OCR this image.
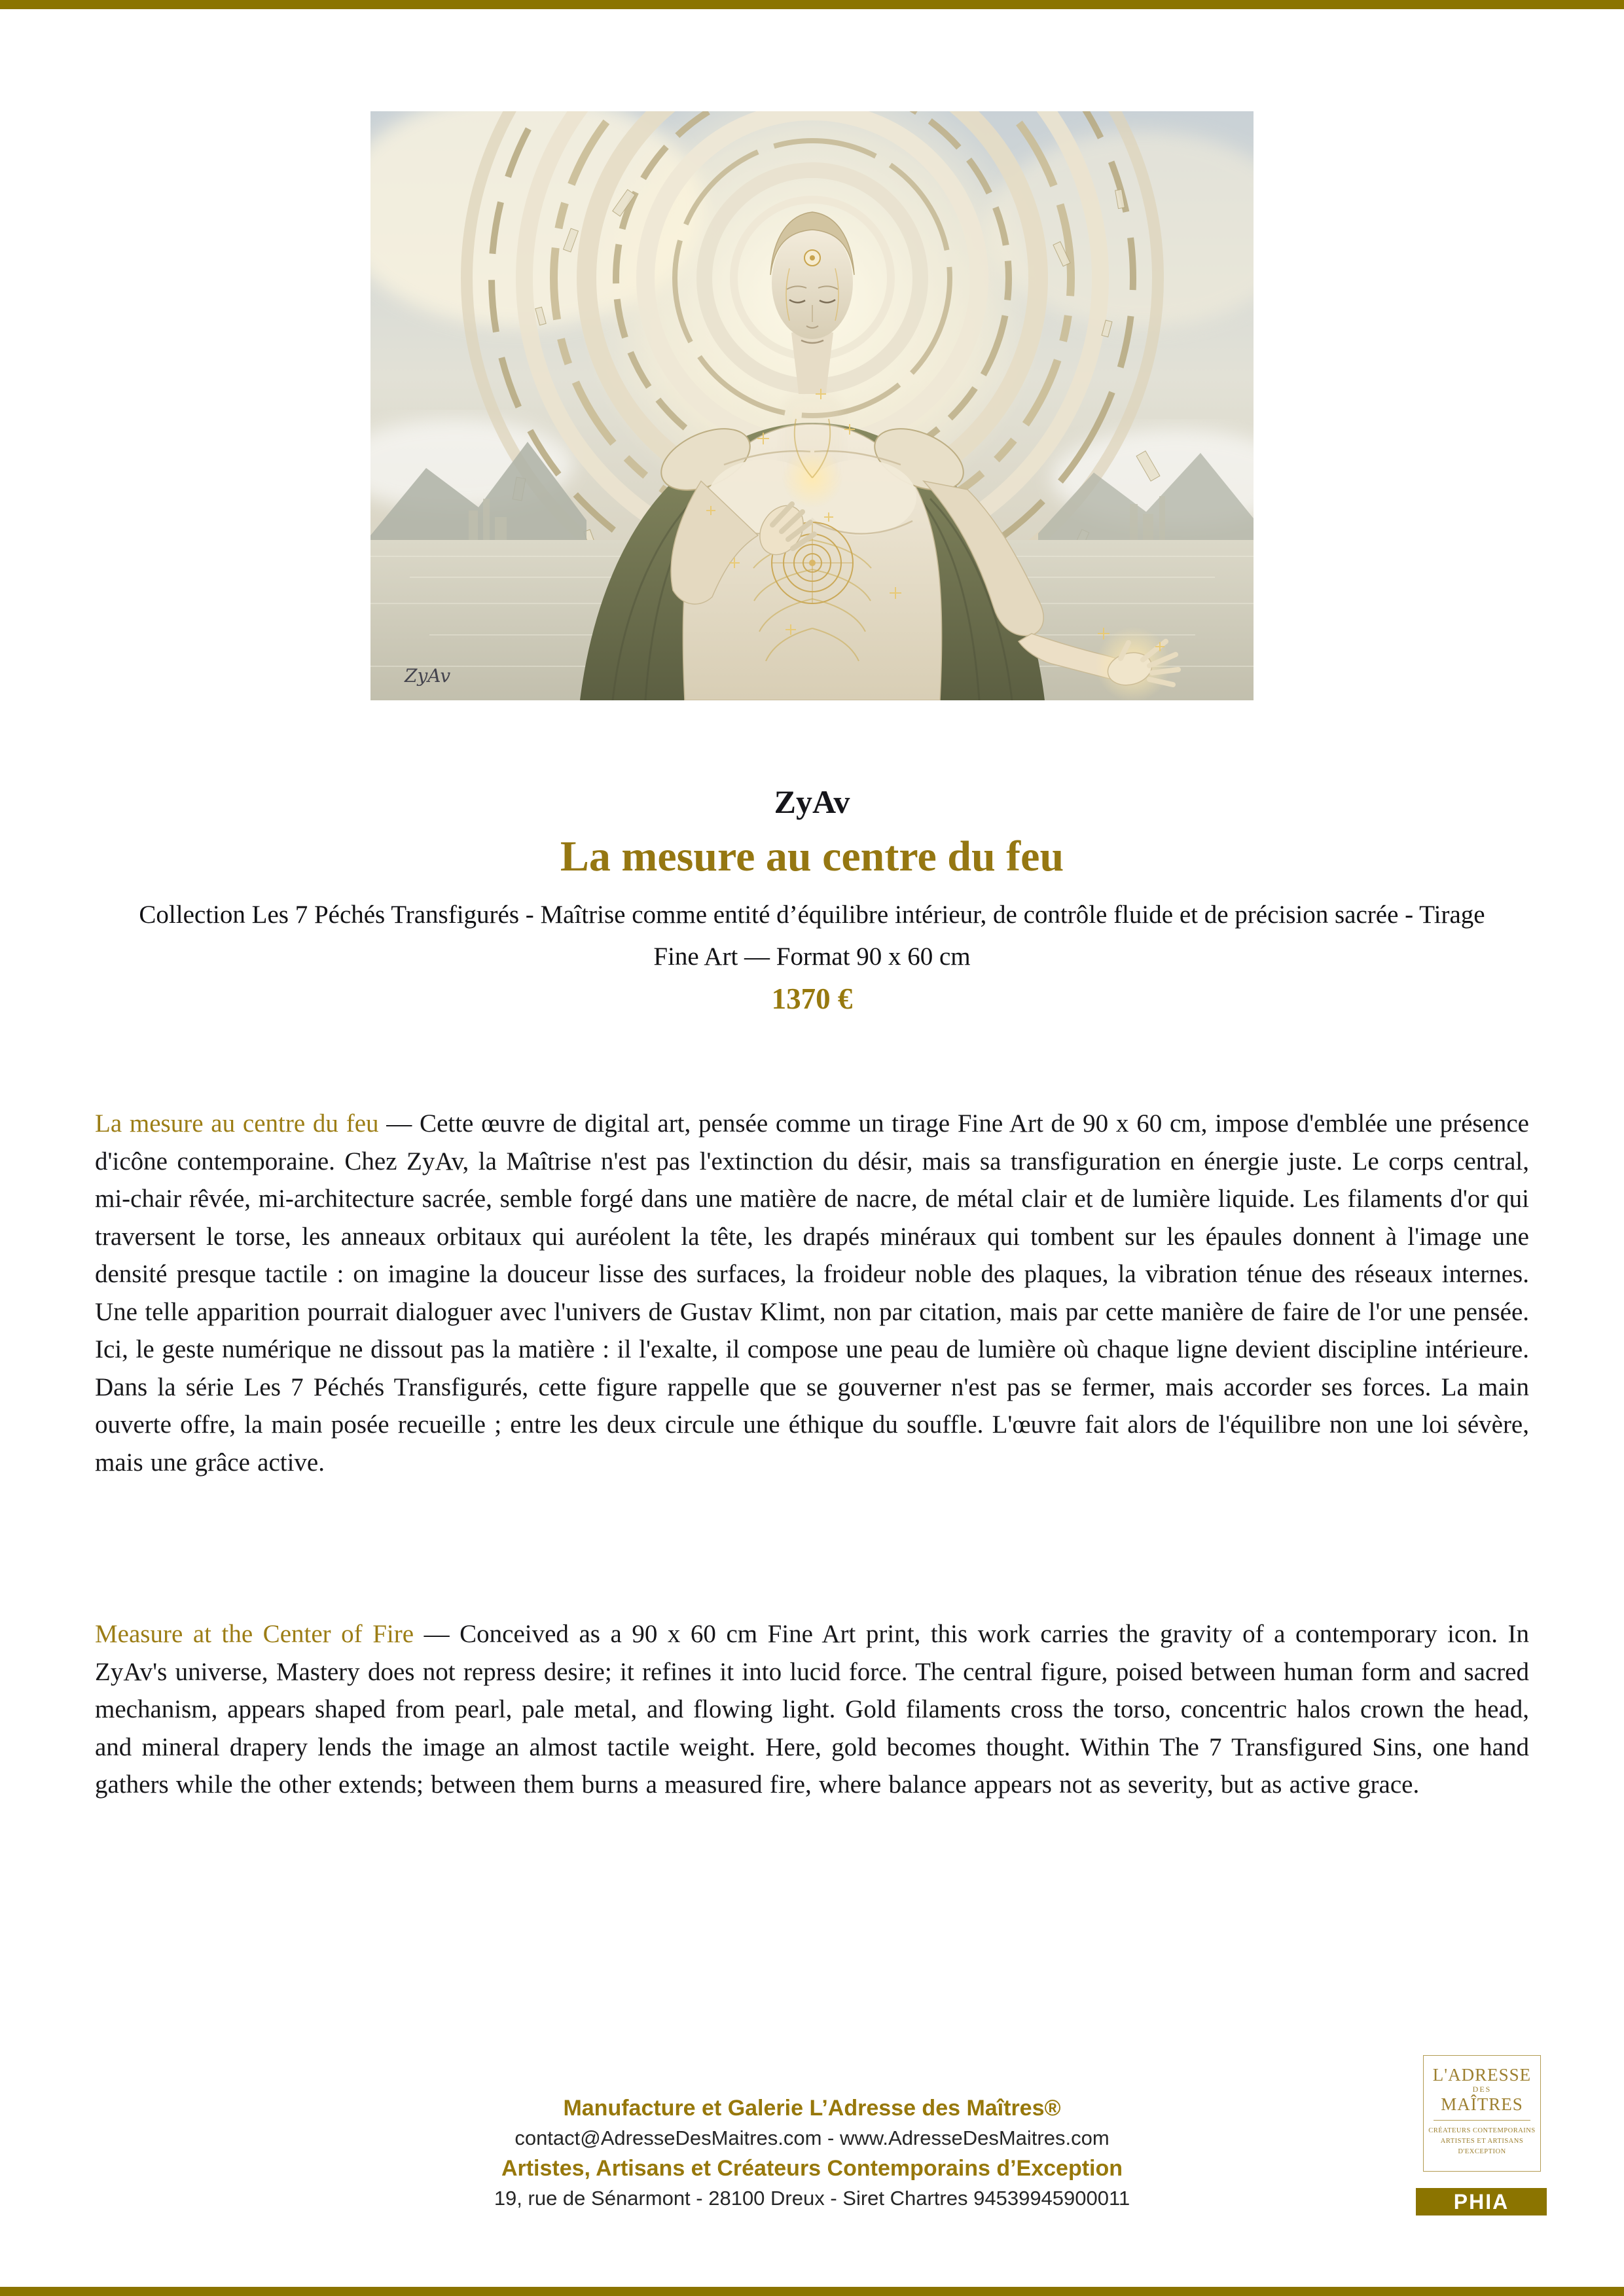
ZyAv
ZyAv
La mesure au centre du feu

Collection Les 7 Péchés Transfigurés - Maîtrise comme entité d’équilibre intérieur, de contrôle fluide et de précision sacrée - Tirage Fine Art — Format 90 x 60 cm

1370 €

La mesure au centre du feu — Cette œuvre de digital art, pensée comme un tirage Fine Art de 90 x 60 cm, impose d'emblée une présence d'icône contemporaine. Chez ZyAv, la Maîtrise n'est pas l'extinction du désir, mais sa transfiguration en énergie juste. Le corps central, mi-chair rêvée, mi-architecture sacrée, semble forgé dans une matière de nacre, de métal clair et de lumière liquide. Les filaments d'or qui traversent le torse, les anneaux orbitaux qui auréolent la tête, les drapés minéraux qui tombent sur les épaules donnent à l'image une densité presque tactile : on imagine la douceur lisse des surfaces, la froideur noble des plaques, la vibration ténue des réseaux internes. Une telle apparition pourrait dialoguer avec l'univers de Gustav Klimt, non par citation, mais par cette manière de faire de l'or une pensée. Ici, le geste numérique ne dissout pas la matière : il l'exalte, il compose une peau de lumière où chaque ligne devient discipline intérieure. Dans la série Les 7 Péchés Transfigurés, cette figure rappelle que se gouverner n'est pas se fermer, mais accorder ses forces. La main ouverte offre, la main posée recueille ; entre les deux circule une éthique du souffle. L'œuvre fait alors de l'équilibre non une loi sévère, mais une grâce active.

Measure at the Center of Fire — Conceived as a 90 x 60 cm Fine Art print, this work carries the gravity of a contemporary icon. In ZyAv's universe, Mastery does not repress desire; it refines it into lucid force. The central figure, poised between human form and sacred mechanism, appears shaped from pearl, pale metal, and flowing light. Gold filaments cross the torso, concentric halos crown the head, and mineral drapery lends the image an almost tactile weight. Here, gold becomes thought. Within The 7 Transfigured Sins, one hand gathers while the other extends; between them burns a measured fire, where balance appears not as severity, but as active grace.

Manufacture et Galerie L’Adresse des Maîtres®
contact@AdresseDesMaitres.com - www.AdresseDesMaitres.com
Artistes, Artisans et Créateurs Contemporains d’Exception
19, rue de Sénarmont - 28100 Dreux - Siret Chartres 94539945900011
L'ADRESSE
DES
MAÎTRES
CRÉATEURS CONTEMPORAINS
ARTISTES ET ARTISANS
D'EXCEPTION
PHIA
